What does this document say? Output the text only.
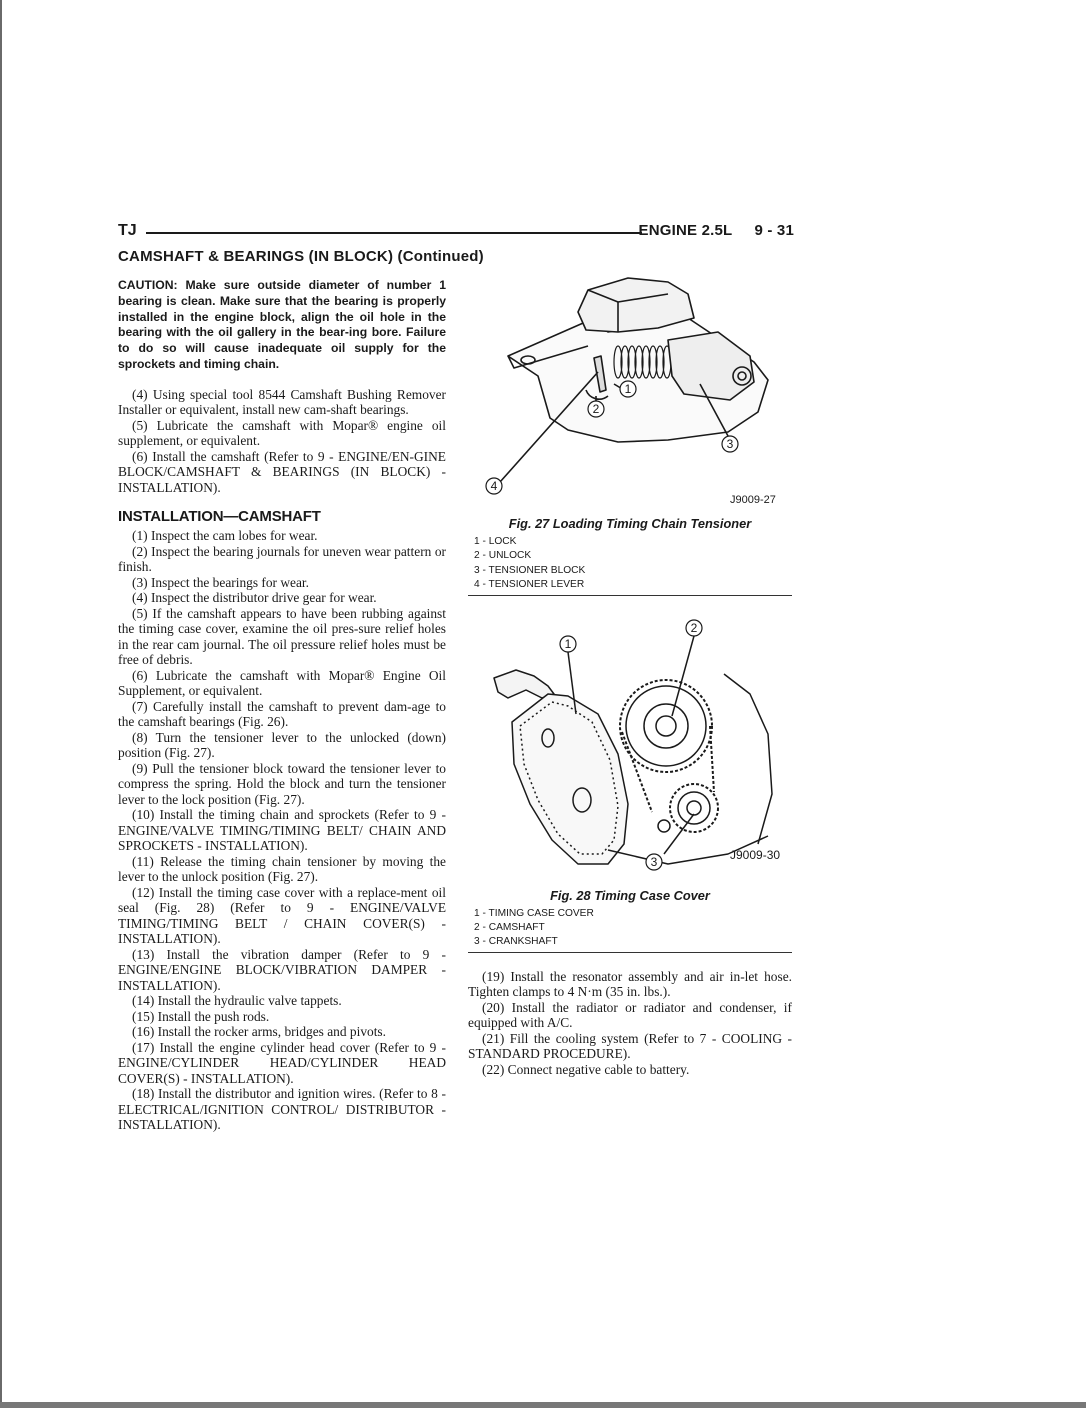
TJ	ENGINE 2.5L 9 - 31
CAMSHAFT & BEARINGS (IN BLOCK) (Continued)

CAUTION: Make sure outside diameter of number 1 bearing is clean. Make sure that the bearing is properly installed in the engine block, align the oil hole in the bearing with the oil gallery in the bear-ing bore. Failure to do so will cause inadequate oil supply for the sprockets and timing chain.

(4) Using special tool 8544 Camshaft Bushing Remover Installer or equivalent, install new cam-shaft bearings.

(5) Lubricate the camshaft with Mopar® engine oil supplement, or equivalent.

(6) Install the camshaft (Refer to 9 - ENGINE/EN-GINE BLOCK/CAMSHAFT & BEARINGS (IN BLOCK) - INSTALLATION).

INSTALLATION—CAMSHAFT

(1) Inspect the cam lobes for wear.

(2) Inspect the bearing journals for uneven wear pattern or finish.

(3) Inspect the bearings for wear.

(4) Inspect the distributor drive gear for wear.

(5) If the camshaft appears to have been rubbing against the timing case cover, examine the oil pres-sure relief holes in the rear cam journal. The oil pressure relief holes must be free of debris.

(6) Lubricate the camshaft with Mopar® Engine Oil Supplement, or equivalent.

(7) Carefully install the camshaft to prevent dam-age to the camshaft bearings (Fig. 26).

(8) Turn the tensioner lever to the unlocked (down) position (Fig. 27).

(9) Pull the tensioner block toward the tensioner lever to compress the spring. Hold the block and turn the tensioner lever to the lock position (Fig. 27).

(10) Install the timing chain and sprockets (Refer to 9 - ENGINE/VALVE TIMING/TIMING BELT/ CHAIN AND SPROCKETS - INSTALLATION).

(11) Release the timing chain tensioner by moving the lever to the unlock position (Fig. 27).

(12) Install the timing case cover with a replace-ment oil seal (Fig. 28) (Refer to 9 - ENGINE/VALVE TIMING/TIMING BELT / CHAIN COVER(S) - INSTALLATION).

(13) Install the vibration damper (Refer to 9 - ENGINE/ENGINE BLOCK/VIBRATION DAMPER - INSTALLATION).

(14) Install the hydraulic valve tappets.

(15) Install the push rods.

(16) Install the rocker arms, bridges and pivots.

(17) Install the engine cylinder head cover (Refer to 9 - ENGINE/CYLINDER HEAD/CYLINDER HEAD COVER(S) - INSTALLATION).

(18) Install the distributor and ignition wires. (Refer to 8 - ELECTRICAL/IGNITION CONTROL/ DISTRIBUTOR - INSTALLATION).

1
2
3
4
J9009-27
Fig. 27 Loading Timing Chain Tensioner
1 - LOCK
2 - UNLOCK
3 - TENSIONER BLOCK
4 - TENSIONER LEVER
1
2
3	J9009-30
Fig. 28 Timing Case Cover
1 - TIMING CASE COVER
2 - CAMSHAFT
3 - CRANKSHAFT

(19) Install the resonator assembly and air in-let hose. Tighten clamps to 4 N·m (35 in. lbs.).

(20) Install the radiator or radiator and condenser, if equipped with A/C.

(21) Fill the cooling system (Refer to 7 - COOLING - STANDARD PROCEDURE).

(22) Connect negative cable to battery.
